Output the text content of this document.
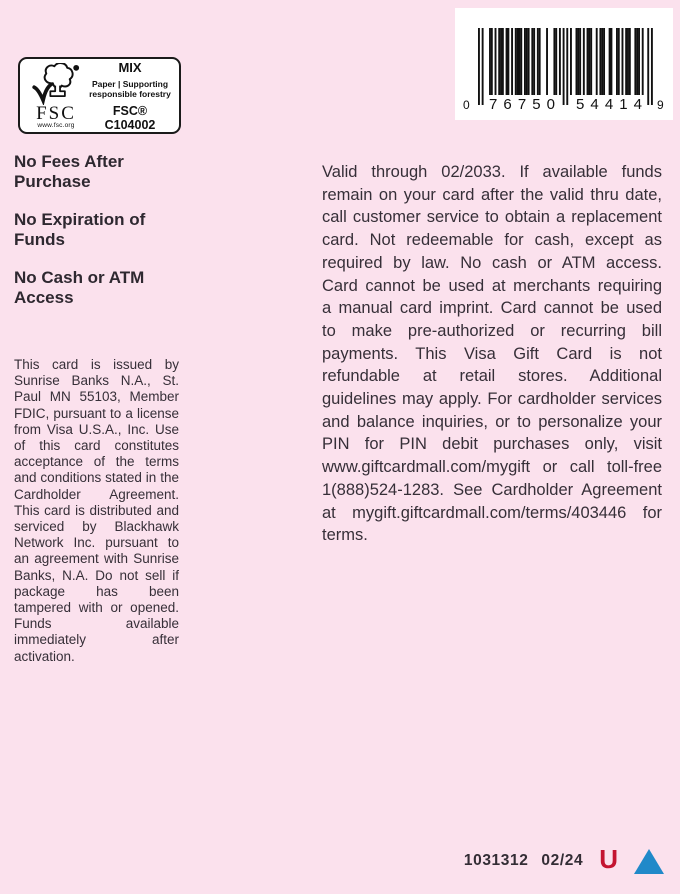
FSC
www.fsc.org
MIX
Paper | Supporting
responsible forestry
FSC® C104002
0 76750 54414 9
No Fees After Purchase
No Expiration of Funds
No Cash or ATM Access
This card is issued by Sunrise Banks N.A., St. Paul MN 55103, Member FDIC, pursuant to a license from Visa U.S.A., Inc. Use of this card constitutes acceptance of the terms and conditions stated in the Cardholder Agreement. This card is distributed and serviced by Blackhawk Network Inc. pursuant to an agreement with Sunrise Banks, N.A. Do not sell if package has been tampered with or opened. Funds available immediately after activation.
Valid through 02/2033. If available funds remain on your card after the valid thru date, call customer service to obtain a replacement card. Not redeemable for cash, except as required by law. No cash or ATM access. Card cannot be used at merchants requiring a manual card imprint. Card cannot be used to make pre-authorized or recurring bill payments. This Visa Gift Card is not refundable at retail stores. Additional guidelines may apply. For cardholder services and balance inquiries, or to personalize your PIN for PIN debit purchases only, visit www.giftcardmall.com/mygift or call toll-free 1(888)524-1283. See Cardholder Agreement at mygift.giftcardmall.com/terms/403446 for terms.
1031312 02/24 U
